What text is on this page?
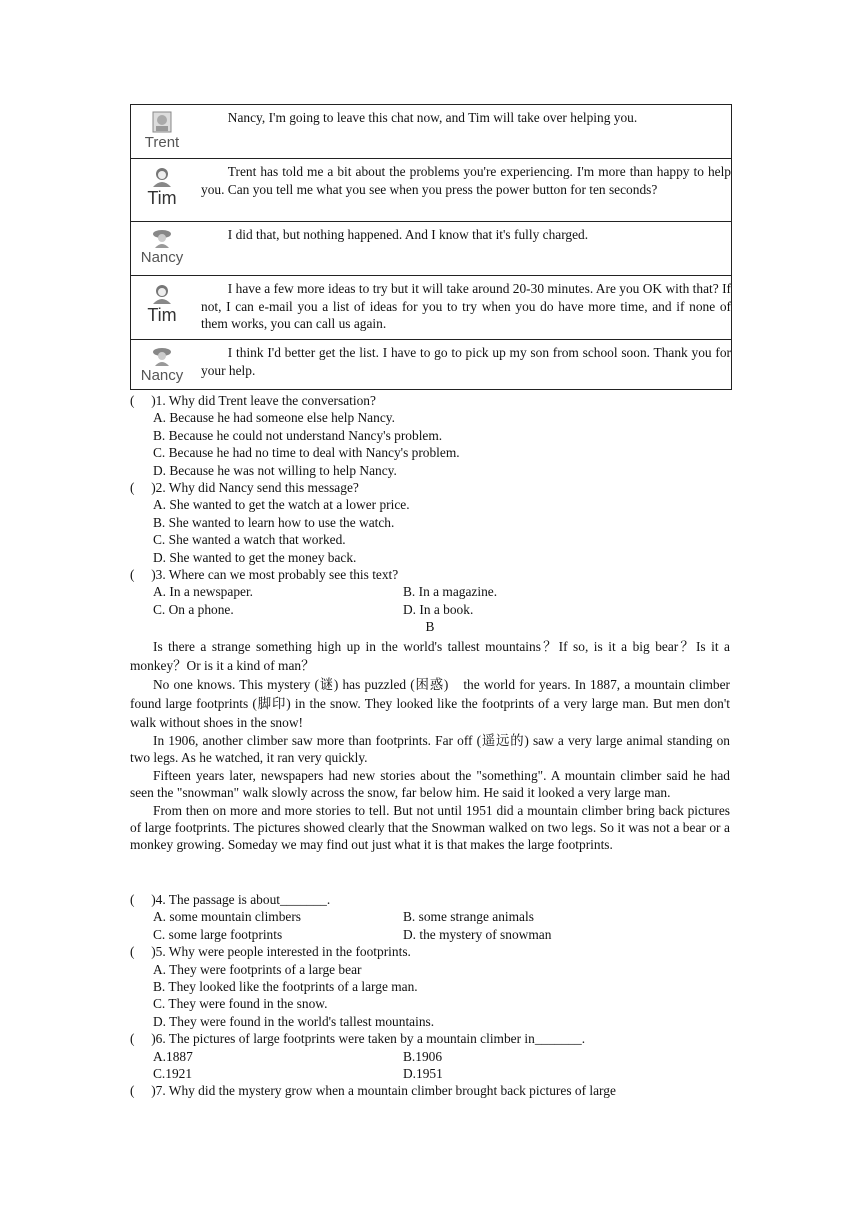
Trent

Nancy, I'm going to leave this chat now, and Tim will take over helping you.

Tim

Trent has told me a bit about the problems you're experiencing. I'm more than happy to help you. Can you tell me what you see when you press the power button for ten seconds?

Nancy

I did that, but nothing happened. And I know that it's fully charged.

Tim

I have a few more ideas to try but it will take around 20-30 minutes. Are you OK with that? If not, I can e-mail you a list of ideas for you to try when you do have more time, and if none of them works, you can call us again.

Nancy

I think I'd better get the list. I have to go to pick up my son from school soon. Thank you for your help.

(　 )1. Why did Trent leave the conversation?
A. Because he had someone else help Nancy.
B. Because he could not understand Nancy's problem.
C. Because he had no time to deal with Nancy's problem.
D. Because he was not willing to help Nancy.
(　 )2. Why did Nancy send this message?
A. She wanted to get the watch at a lower price.
B. She wanted to learn how to use the watch.
C. She wanted a watch that worked.
D. She wanted to get the money back.
(　 )3. Where can we most probably see this text?
A. In a newspaper.	B. In a magazine.
C. On a phone.	D. In a book.
B

Is there a strange something high up in the world's tallest mountains？If so, is it a big bear？Is it a monkey？Or is it a kind of man？

No one knows. This mystery (谜) has puzzled (困惑)　the world for years. In 1887, a mountain climber found large footprints (脚印) in the snow. They looked like the footprints of a very large man. But men don't walk without shoes in the snow!

In 1906, another climber saw more than footprints. Far off (遥远的) saw a very large animal standing on two legs. As he watched, it ran very quickly.

Fifteen years later, newspapers had new stories about the "something". A mountain climber said he had seen the "snowman" walk slowly across the snow, far below him. He said it looked a very large man.

From then on more and more stories to tell. But not until 1951 did a mountain climber bring back pictures of large footprints. The pictures showed clearly that the Snowman walked on two legs. So it was not a bear or a monkey growing. Someday we may find out just what it is that makes the large footprints.

(　 )4. The passage is about_______.
A. some mountain climbers	B. some strange animals
C. some large footprints	D. the mystery of snowman
(　 )5. Why were people interested in the footprints.
A. They were footprints of a large bear
B. They looked like the footprints of a large man.
C. They were found in the snow.
D. They were found in the world's tallest mountains.
(　 )6. The pictures of large footprints were taken by a mountain climber in_______.
A.1887	B.1906
C.1921	D.1951
(　 )7. Why did the mystery grow when a mountain climber brought back pictures of large
